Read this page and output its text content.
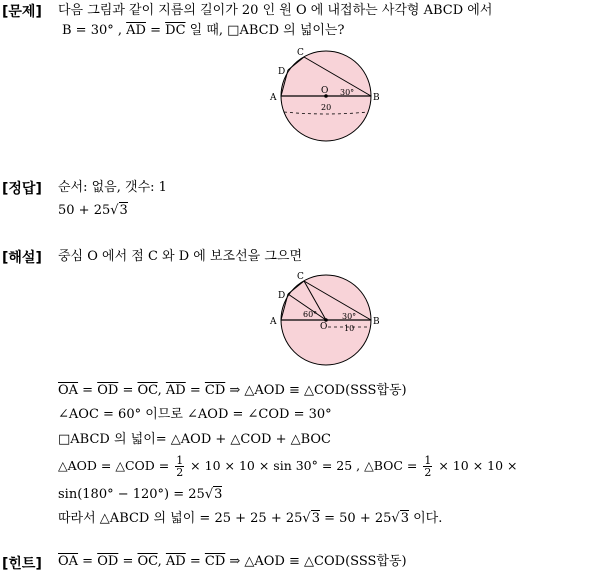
[문제] 다음 그림과 같이 지름의 길이가 20 인 원 O 에 내접하는 사각형 ABCD 에서
B = 30° , $\overline{AD} = \overline{DC}$ 일 때, □ABCD 의 넓이는?
C
D
A	B
O 30°
20
[정답] 순서: 없음, 갯수: 1
50 + 25√3
[해설] 중심 O 에서 점 C 와 D 에 보조선을 그으면
C
D
A	B
O
60°	30°
10
$\overline{OA} = \overline{OD} = \overline{OC}$, $\overline{AD} = \overline{CD}$ ⇒ △AOD ≡ △COD(SSS합동)
∠AOC = 60° 이므로 ∠AOD = ∠COD = 30°
□ABCD 의 넓이= △AOD + △COD + △BOC
△AOD = △COD = $\frac{1}{2} \times 10 \times 10 \times \sin 30^\circ = 25$ , △BOC = $\frac{1}{2} \times 10 \times 10$ ×
sin(180° − 120°) = 25√3
따라서 △ABCD 의 넓이 = 25 + 25 + 25√3 = 50 + 25√3 이다.
[힌트] $\overline{OA} = \overline{OD} = \overline{OC}$, $\overline{AD} = \overline{CD}$ ⇒ △AOD ≡ △COD(SSS합동)
